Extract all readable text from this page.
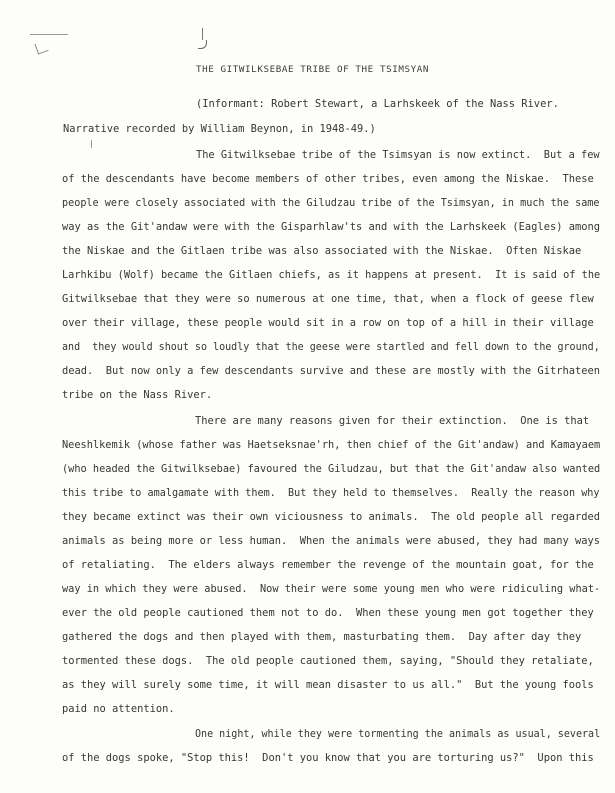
THE GITWILKSEBAE TRIBE OF THE TSIMSYAN
(Informant: Robert Stewart, a Larhskeek of the Nass River.
Narrative recorded by William Beynon, in 1948-49.)
The Gitwilksebae tribe of the Tsimsyan is now extinct.  But a few
of the descendants have become members of other tribes, even among the Niskae.  These
people were closely associated with the Giludzau tribe of the Tsimsyan, in much the same
way as the Git'andaw were with the Gisparhlaw'ts and with the Larhskeek (Eagles) among
the Niskae and the Gitlaen tribe was also associated with the Niskae.  Often Niskae
Larhkibu (Wolf) became the Gitlaen chiefs, as it happens at present.  It is said of the
Gitwilksebae that they were so numerous at one time, that, when a flock of geese flew
over their village, these people would sit in a row on top of a hill in their village
and  they would shout so loudly that the geese were startled and fell down to the ground,
dead.  But now only a few descendants survive and these are mostly with the Gitrhateen
tribe on the Nass River.
There are many reasons given for their extinction.  One is that
Neeshlkemik (whose father was Haetseksnae'rh, then chief of the Git'andaw) and Kamayaem
(who headed the Gitwilksebae) favoured the Giludzau, but that the Git'andaw also wanted
this tribe to amalgamate with them.  But they held to themselves.  Really the reason why
they became extinct was their own viciousness to animals.  The old people all regarded
animals as being more or less human.  When the animals were abused, they had many ways
of retaliating.  The elders always remember the revenge of the mountain goat, for the
way in which they were abused.  Now their were some young men who were ridiculing what-
ever the old people cautioned them not to do.  When these young men got together they
gathered the dogs and then played with them, masturbating them.  Day after day they
tormented these dogs.  The old people cautioned them, saying, "Should they retaliate,
as they will surely some time, it will mean disaster to us all."  But the young fools
paid no attention.
One night, while they were tormenting the animals as usual, several
of the dogs spoke, "Stop this!  Don't you know that you are torturing us?"  Upon this
